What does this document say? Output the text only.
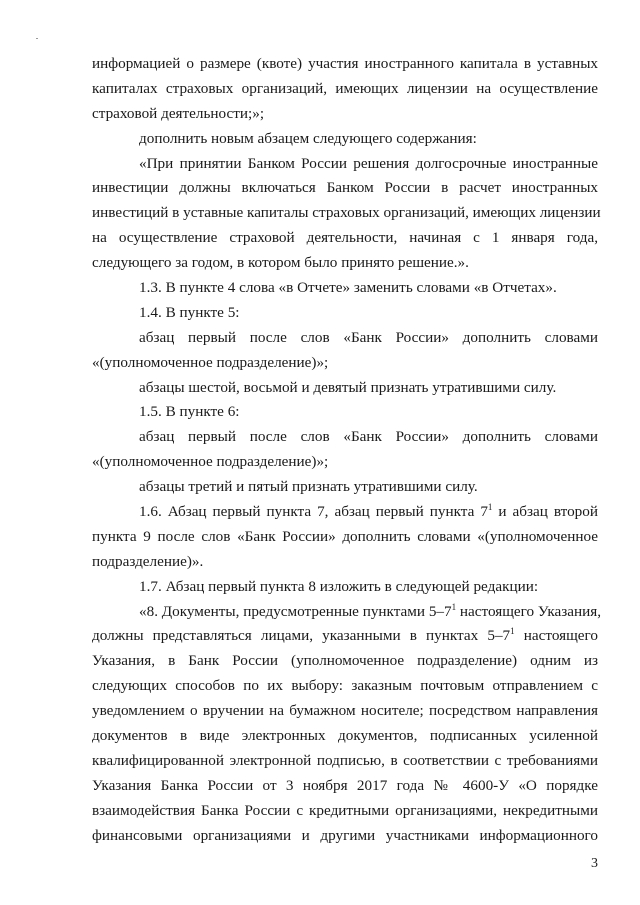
информацией о размере (квоте) участия иностранного капитала в уставных
капиталах страховых организаций, имеющих лицензии на осуществление
страховой деятельности;»;
дополнить новым абзацем следующего содержания:
«При принятии Банком России решения долгосрочные иностранные
инвестиции должны включаться Банком России в расчет иностранных
инвестиций в уставные капиталы страховых организаций, имеющих лицензии
на осуществление страховой деятельности, начиная с 1 января года,
следующего за годом, в котором было принято решение.».
1.3. В пункте 4 слова «в Отчете» заменить словами «в Отчетах».
1.4. В пункте 5:
абзац первый после слов «Банк России» дополнить словами
«(уполномоченное подразделение)»;
абзацы шестой, восьмой и девятый признать утратившими силу.
1.5. В пункте 6:
абзац первый после слов «Банк России» дополнить словами
«(уполномоченное подразделение)»;
абзацы третий и пятый признать утратившими силу.
1.6. Абзац первый пункта 7, абзац первый пункта $7^1$ и абзац второй
пункта 9 после слов «Банк России» дополнить словами «(уполномоченное
подразделение)».
1.7. Абзац первый пункта 8 изложить в следующей редакции:
«8. Документы, предусмотренные пунктами $5-7^1$ настоящего Указания,
должны представляться лицами, указанными в пунктах $5-7^1$ настоящего
Указания, в Банк России (уполномоченное подразделение) одним из
следующих способов по их выбору: заказным почтовым отправлением с
уведомлением о вручении на бумажном носителе; посредством направления
документов в виде электронных документов, подписанных усиленной
квалифицированной электронной подписью, в соответствии с требованиями
Указания Банка России от 3 ноября 2017 года № 4600-У «О порядке
взаимодействия Банка России с кредитными организациями, некредитными
финансовыми организациями и другими участниками информационного
3
